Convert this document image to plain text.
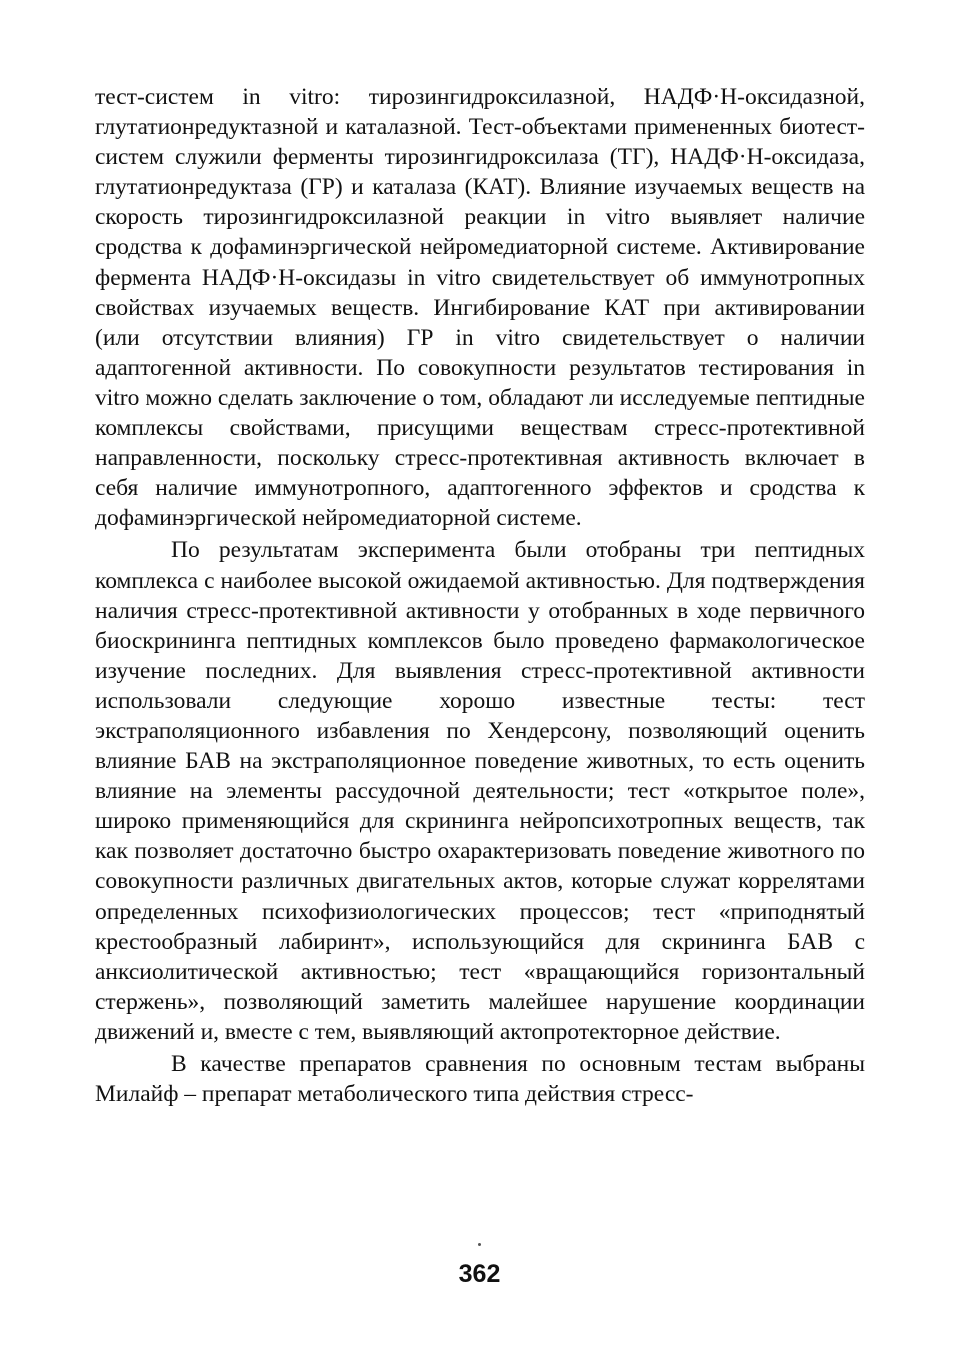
тест-систем in vitro: тирозингидроксилазной, НАДФ·Н-оксидазной, глутатионредуктазной и каталазной. Тест-объектами примененных биотест-систем служили ферменты тирозингидроксилаза (ТГ), НАДФ·Н-оксидаза, глутатионредуктаза (ГР) и каталаза (КАТ). Влияние изучаемых веществ на скорость тирозингидроксилазной реакции in vitro выявляет наличие сродства к дофаминэргической нейромедиаторной системе. Активирование фермента НАДФ·Н-оксидазы in vitro свидетельствует об иммунотропных свойствах изучаемых веществ. Ингибирование КАТ при активировании (или отсутствии влияния) ГР in vitro свидетельствует о наличии адаптогенной активности. По совокупности результатов тестирования in vitro можно сделать заключение о том, обладают ли исследуемые пептидные комплексы свойствами, присущими веществам стресс-протективной направленности, поскольку стресс-протективная активность включает в себя наличие иммунотропного, адаптогенного эффектов и сродства к дофаминэргической нейромедиаторной системе.

По результатам эксперимента были отобраны три пептидных комплекса с наиболее высокой ожидаемой активностью. Для подтверждения наличия стресс-протективной активности у отобранных в ходе первичного биоскрининга пептидных комплексов было проведено фармакологическое изучение последних. Для выявления стресс-протективной активности использовали следующие хорошо известные тесты: тест экстраполяционного избавления по Хендерсону, позволяющий оценить влияние БАВ на экстраполяционное поведение животных, то есть оценить влияние на элементы рассудочной деятельности; тест «открытое поле», широко применяющийся для скрининга нейропсихотропных веществ, так как позволяет достаточно быстро охарактеризовать поведение животного по совокупности различных двигательных актов, которые служат коррелятами определенных психофизиологических процессов; тест «приподнятый крестообразный лабиринт», использующийся для скрининга БАВ с анксиолитической активностью; тест «вращающийся горизонтальный стержень», позволяющий заметить малейшее нарушение координации движений и, вместе с тем, выявляющий актопротекторное действие.

В качестве препаратов сравнения по основным тестам выбраны Милайф – препарат метаболического типа действия стресс-

362
